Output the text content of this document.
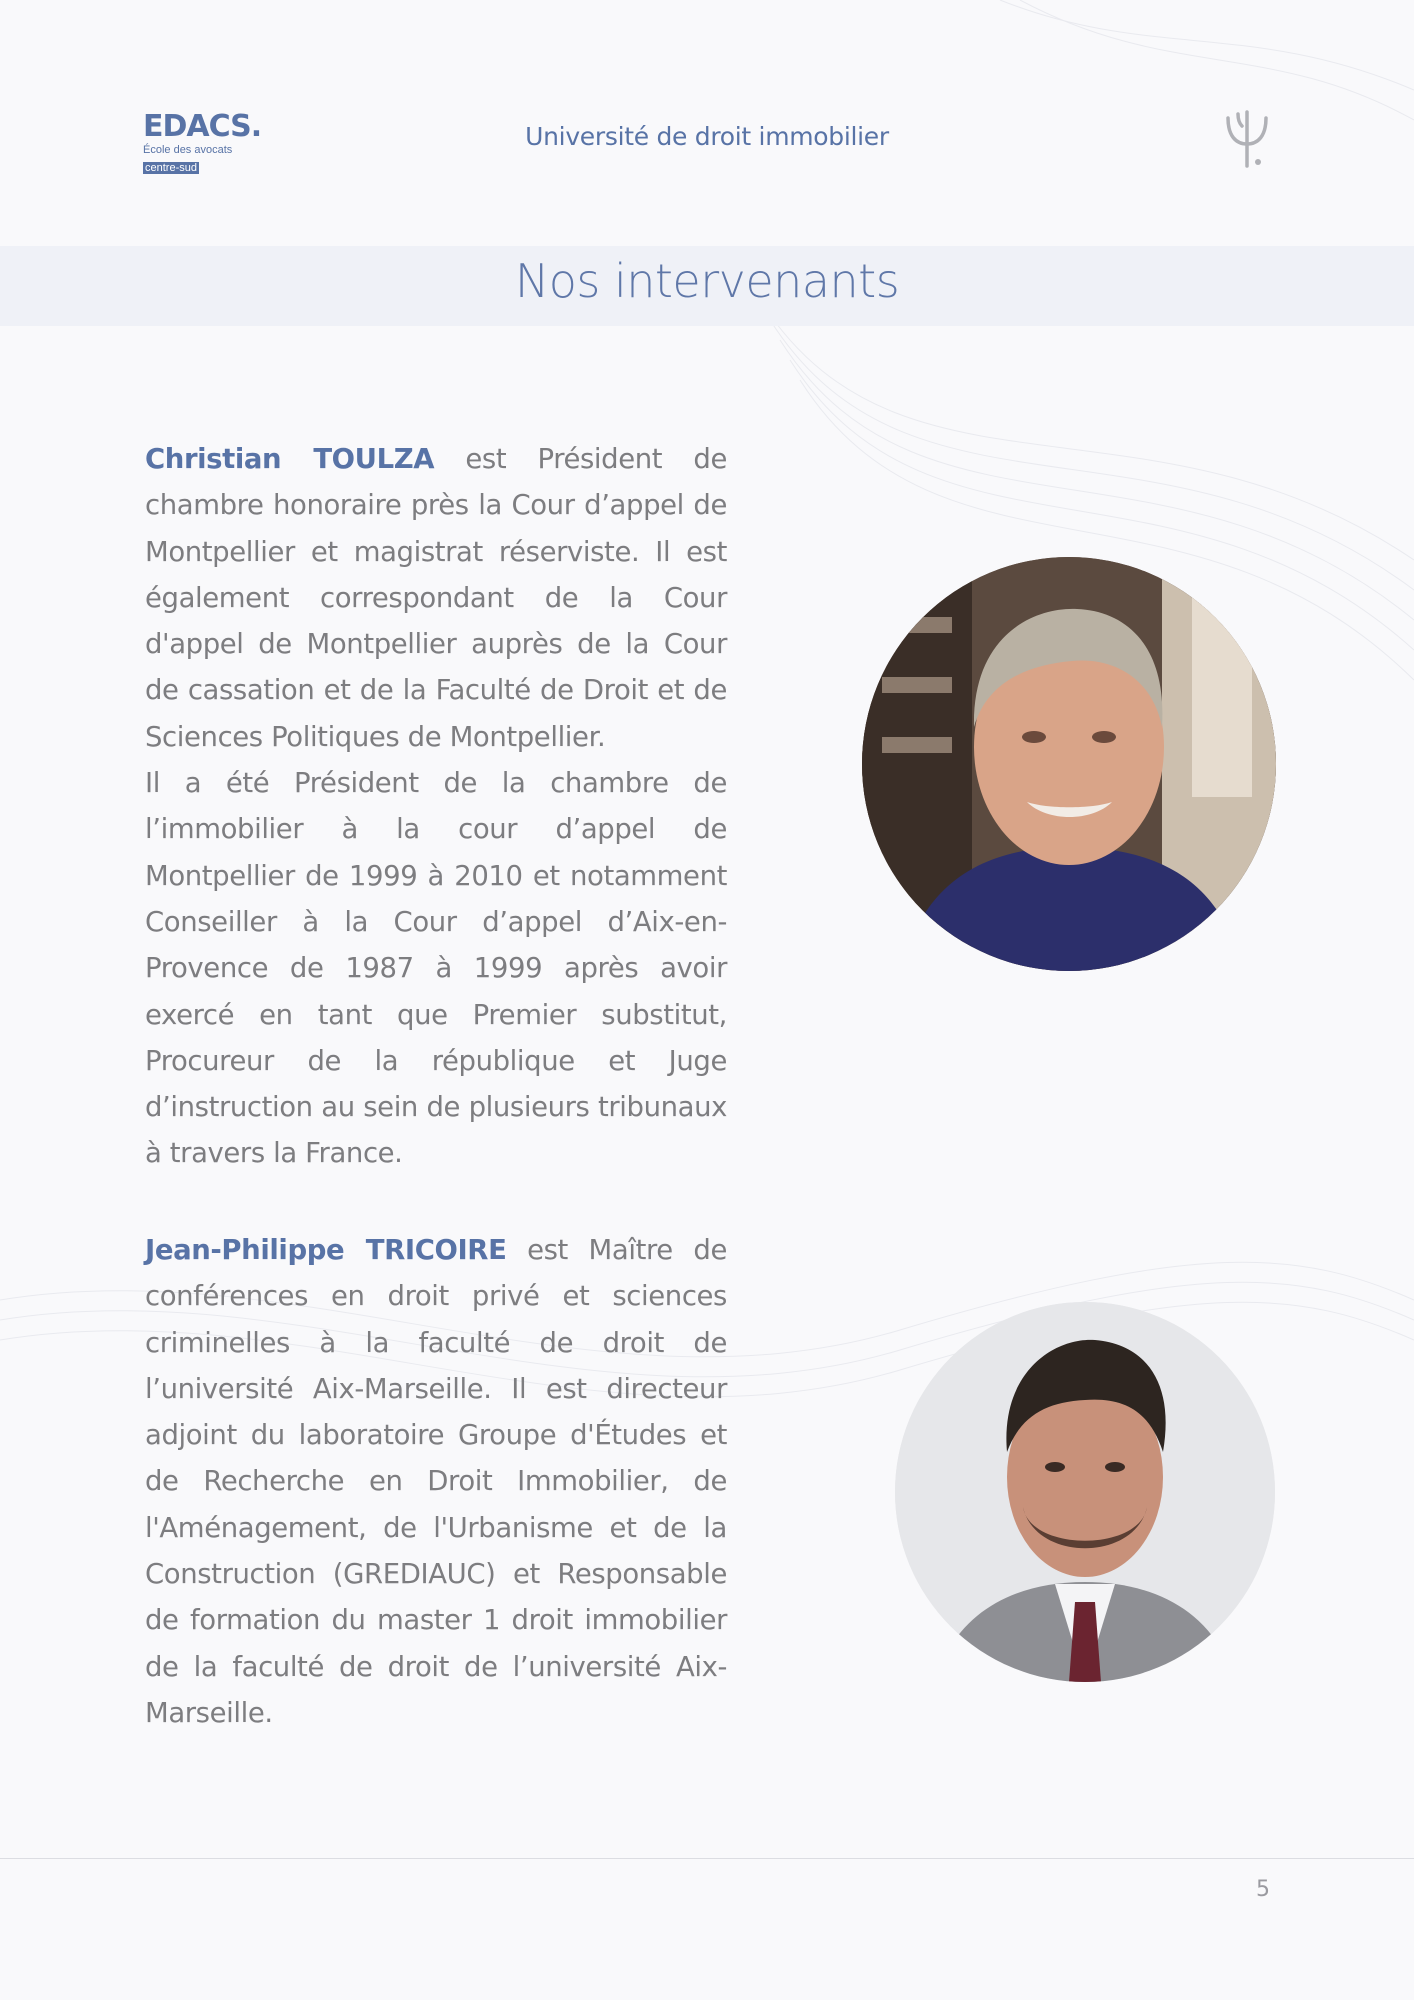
EDACS.
École des avocats
centre-sud
Université de droit immobilier
Nos intervenants

Christian TOULZA est Président de chambre honoraire près la Cour d’appel de Montpellier et magistrat réserviste. Il est également correspondant de la Cour d'appel de Montpellier auprès de la Cour de cassation et de la Faculté de Droit et de Sciences Politiques de Montpellier.

Il a été Président de la chambre de l’immobilier à la cour d’appel de Montpellier de 1999 à 2010 et notamment Conseiller à la Cour d’appel d’Aix-en-Provence de 1987 à 1999 après avoir exercé en tant que Premier substitut, Procureur de la république et Juge d’instruction au sein de plusieurs tribunaux à travers la France.

Jean-Philippe TRICOIRE est Maître de conférences en droit privé et sciences criminelles à la faculté de droit de l’université Aix-Marseille. Il est directeur adjoint du laboratoire Groupe d'Études et de Recherche en Droit Immobilier, de l'Aménagement, de l'Urbanisme et de la Construction (GREDIAUC) et Responsable de formation du master 1 droit immobilier de la faculté de droit de l’université Aix-Marseille.

5
